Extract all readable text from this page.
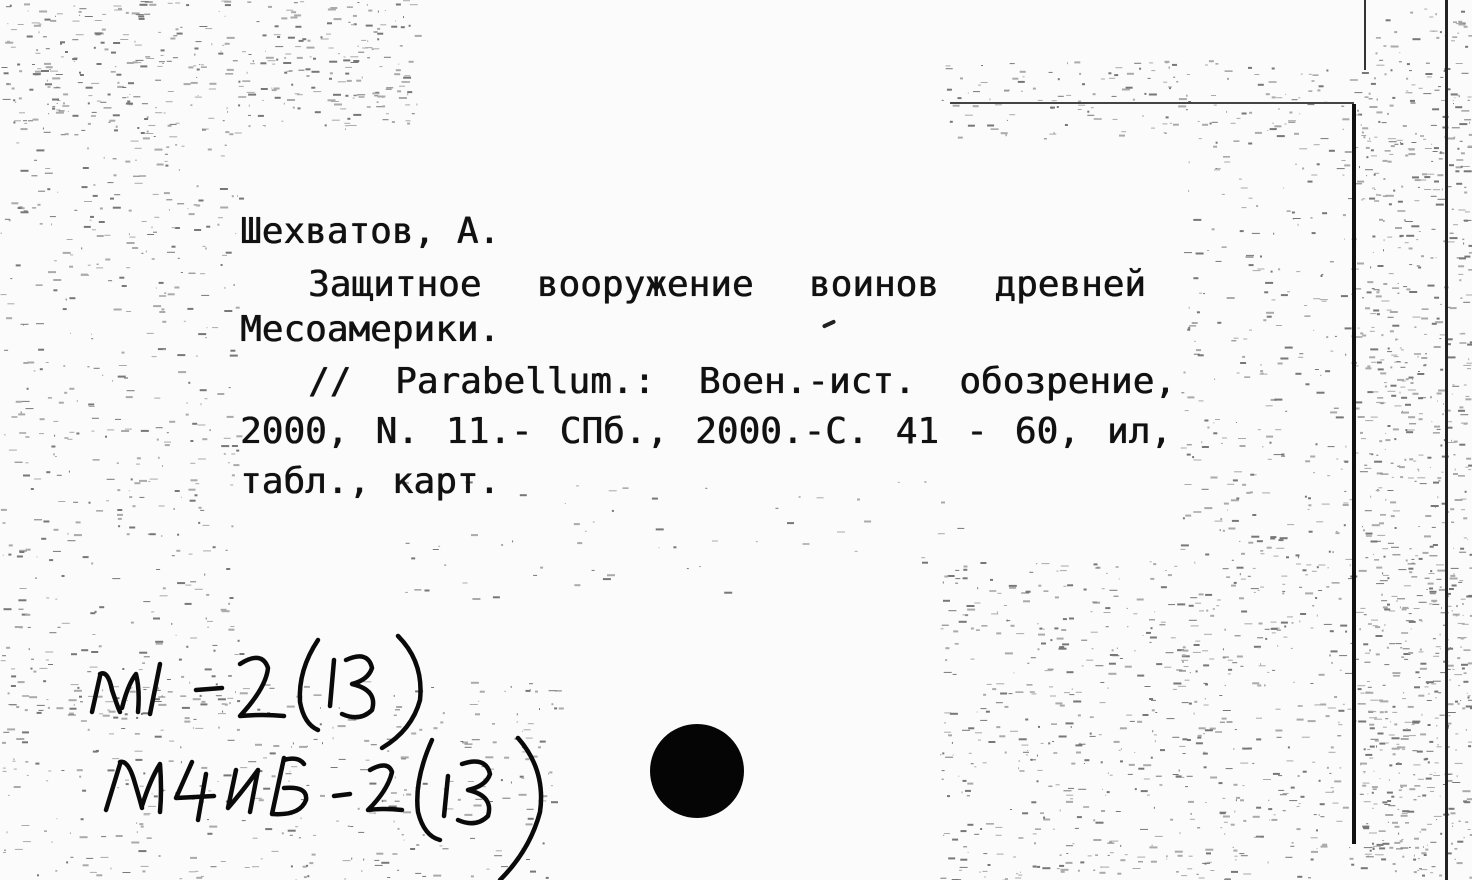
Шехватов, А.
Защитное вооружение воинов древней
Месоамерики.
// Parabellum.: Воен.-ист. обозрение,
2000, N. 11.- СПб., 2000.-С. 41 - 60, ил,
табл., карт.
